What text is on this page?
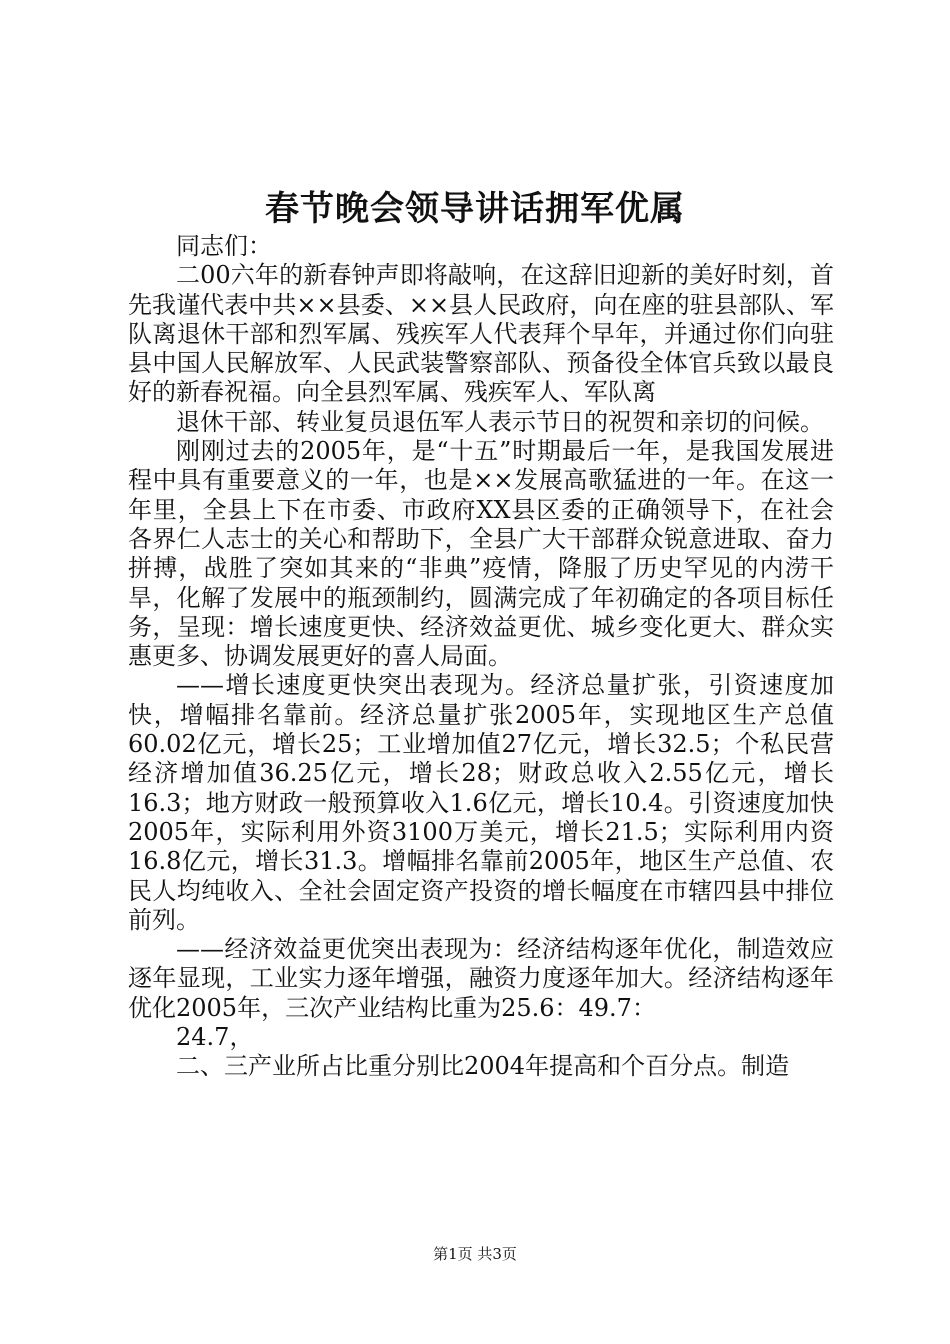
春节晚会领导讲话拥军优属

同志们：

二00六年的新春钟声即将敲响，在这辞旧迎新的美好时刻，首先我谨代表中共××县委、××县人民政府，向在座的驻县部队、军队离退休干部和烈军属、残疾军人代表拜个早年，并通过你们向驻县中国人民解放军、人民武装警察部队、预备役全体官兵致以最良好的新春祝福。向全县烈军属、残疾军人、军队离

退休干部、转业复员退伍军人表示节日的祝贺和亲切的问候。

刚刚过去的2005年，是“十五”时期最后一年，是我国发展进程中具有重要意义的一年，也是××发展高歌猛进的一年。在这一年里，全县上下在市委、市政府XX县区委的正确领导下，在社会各界仁人志士的关心和帮助下，全县广大干部群众锐意进取、奋力拼搏，战胜了突如其来的“非典”疫情，降服了历史罕见的内涝干旱，化解了发展中的瓶颈制约，圆满完成了年初确定的各项目标任务，呈现：增长速度更快、经济效益更优、城乡变化更大、群众实惠更多、协调发展更好的喜人局面。

——增长速度更快突出表现为。经济总量扩张，引资速度加快，增幅排名靠前。经济总量扩张2005年，实现地区生产总值60.02亿元，增长25；工业增加值27亿元，增长32.5；个私民营经济增加值36.25亿元，增长28；财政总收入2.55亿元，增长16.3；地方财政一般预算收入1.6亿元，增长10.4。引资速度加快2005年，实际利用外资3100万美元，增长21.5；实际利用内资16.8亿元，增长31.3。增幅排名靠前2005年，地区生产总值、农民人均纯收入、全社会固定资产投资的增长幅度在市辖四县中排位前列。

——经济效益更优突出表现为：经济结构逐年优化，制造效应逐年显现，工业实力逐年增强，融资力度逐年加大。经济结构逐年优化2005年，三次产业结构比重为25.6：49.7：

24.7，

二、三产业所占比重分别比2004年提高和个百分点。制造

第1页 共3页
